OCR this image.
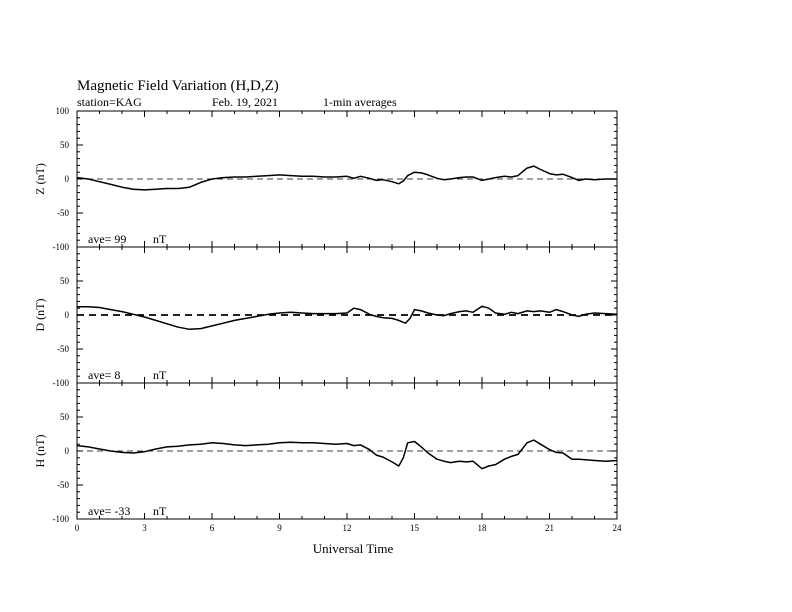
Magnetic Field Variation (H,D,Z)
station=KAG	Feb. 19, 2021	1-min averages
Universal Time
100
50
0
-50
-100
Z (nT)
ave= 99 nT
50
0
-50
-100
D (nT)
ave= 8	nT
50
0
-50
-100
H (nT)
ave= -33 nT
0	3	6	9	12	15	18	21	24
